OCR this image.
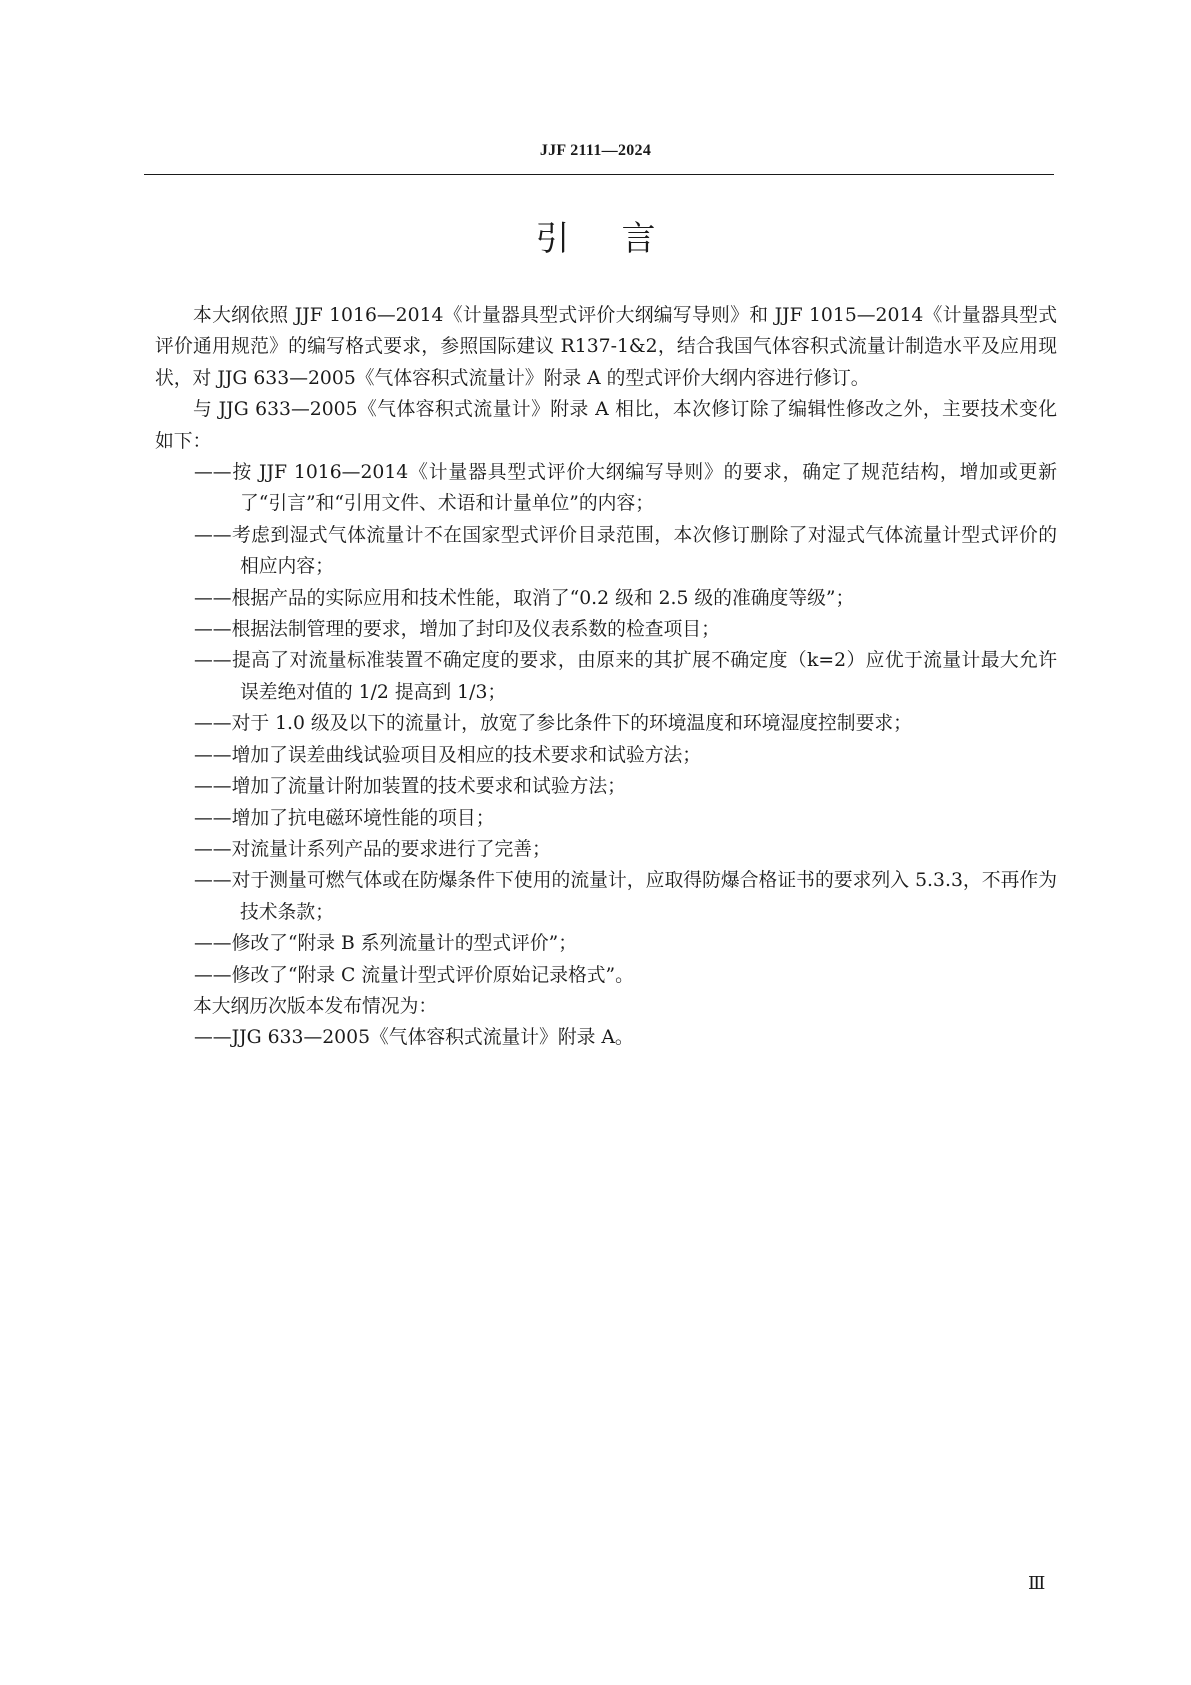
JJF 2111—2024
引言

本大纲依照 JJF 1016—2014《计量器具型式评价大纲编写导则》和 JJF 1015—2014《计量器具型式评价通用规范》的编写格式要求，参照国际建议 R137-1&2，结合我国气体容积式流量计制造水平及应用现状，对 JJG 633—2005《气体容积式流量计》附录 A 的型式评价大纲内容进行修订。

与 JJG 633—2005《气体容积式流量计》附录 A 相比，本次修订除了编辑性修改之外，主要技术变化如下：

——按 JJF 1016—2014《计量器具型式评价大纲编写导则》的要求，确定了规范结构，增加或更新了“引言”和“引用文件、术语和计量单位”的内容；

——考虑到湿式气体流量计不在国家型式评价目录范围，本次修订删除了对湿式气体流量计型式评价的相应内容；

——根据产品的实际应用和技术性能，取消了“0.2 级和 2.5 级的准确度等级”；

——根据法制管理的要求，增加了封印及仪表系数的检查项目；

——提高了对流量标准装置不确定度的要求，由原来的其扩展不确定度（k=2）应优于流量计最大允许误差绝对值的 1/2 提高到 1/3；

——对于 1.0 级及以下的流量计，放宽了参比条件下的环境温度和环境湿度控制要求；

——增加了误差曲线试验项目及相应的技术要求和试验方法；

——增加了流量计附加装置的技术要求和试验方法；

——增加了抗电磁环境性能的项目；

——对流量计系列产品的要求进行了完善；

——对于测量可燃气体或在防爆条件下使用的流量计，应取得防爆合格证书的要求列入 5.3.3，不再作为技术条款；

——修改了“附录 B 系列流量计的型式评价”；

——修改了“附录 C 流量计型式评价原始记录格式”。

本大纲历次版本发布情况为：

——JJG 633—2005《气体容积式流量计》附录 A。

Ⅲ
